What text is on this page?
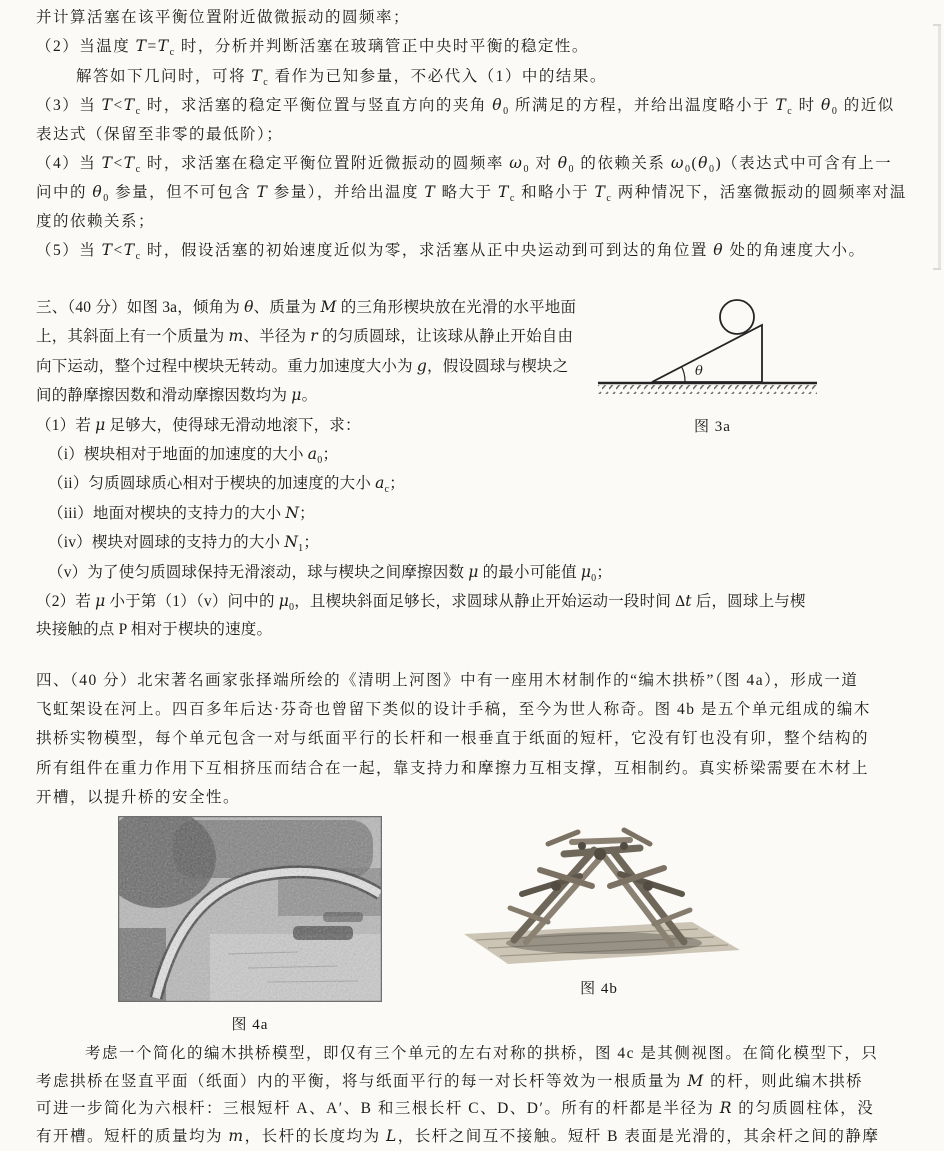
并计算活塞在该平衡位置附近做微振动的圆频率；
（2）当温度 $T=T_c$ 时，分析并判断活塞在玻璃管正中央时平衡的稳定性。
解答如下几问时，可将 $T_c$ 看作为已知参量，不必代入（1）中的结果。
（3）当 $T<T_c$ 时，求活塞的稳定平衡位置与竖直方向的夹角 $\theta_0$ 所满足的方程，并给出温度略小于 $T_c$ 时 $\theta_0$ 的近似
表达式（保留至非零的最低阶）；
（4）当 $T<T_c$ 时，求活塞在稳定平衡位置附近微振动的圆频率 $\omega_0$ 对 $\theta_0$ 的依赖关系 $\omega_0(\theta_0)$（表达式中可含有上一
问中的 $\theta_0$ 参量，但不可包含 T 参量），并给出温度 T 略大于 $T_c$ 和略小于 $T_c$ 两种情况下，活塞微振动的圆频率对温
度的依赖关系；
（5）当 $T<T_c$ 时，假设活塞的初始速度近似为零，求活塞从正中央运动到可到达的角位置 θ 处的角速度大小。
三、（40 分）如图 3a，倾角为 θ、质量为 M 的三角形楔块放在光滑的水平地面
上，其斜面上有一个质量为 m、半径为 r 的匀质圆球，让该球从静止开始自由
向下运动，整个过程中楔块无转动。重力加速度大小为 g，假设圆球与楔块之
间的静摩擦因数和滑动摩擦因数均为 μ。
（1）若 μ 足够大，使得球无滑动地滚下，求：
（i）楔块相对于地面的加速度的大小 $a_0$；
（ii）匀质圆球质心相对于楔块的加速度的大小 $a_c$；
（iii）地面对楔块的支持力的大小 N；
（iv）楔块对圆球的支持力的大小 $N_1$；
（v）为了使匀质圆球保持无滑滚动，球与楔块之间摩擦因数 μ 的最小可能值 $\mu_0$；
（2）若 μ 小于第（1）（v）问中的 $\mu_0$，且楔块斜面足够长，求圆球从静止开始运动一段时间 Δt 后，圆球上与楔
块接触的点 P 相对于楔块的速度。
θ
图 3a
四、（40 分）北宋著名画家张择端所绘的《清明上河图》中有一座用木材制作的“编木拱桥”（图 4a），形成一道
飞虹架设在河上。四百多年后达·芬奇也曾留下类似的设计手稿，至今为世人称奇。图 4b 是五个单元组成的编木
拱桥实物模型，每个单元包含一对与纸面平行的长杆和一根垂直于纸面的短杆，它没有钉也没有卯，整个结构的
所有组件在重力作用下互相挤压而结合在一起，靠支持力和摩擦力互相支撑，互相制约。真实桥梁需要在木材上
开槽，以提升桥的安全性。
图 4a
图 4b
考虑一个简化的编木拱桥模型，即仅有三个单元的左右对称的拱桥，图 4c 是其侧视图。在简化模型下，只
考虑拱桥在竖直平面（纸面）内的平衡，将与纸面平行的每一对长杆等效为一根质量为 M 的杆，则此编木拱桥
可进一步简化为六根杆：三根短杆 A、A′、B 和三根长杆 C、D、D′。所有的杆都是半径为 R 的匀质圆柱体，没
有开槽。短杆的质量均为 m，长杆的长度均为 L，长杆之间互不接触。短杆 B 表面是光滑的，其余杆之间的静摩
